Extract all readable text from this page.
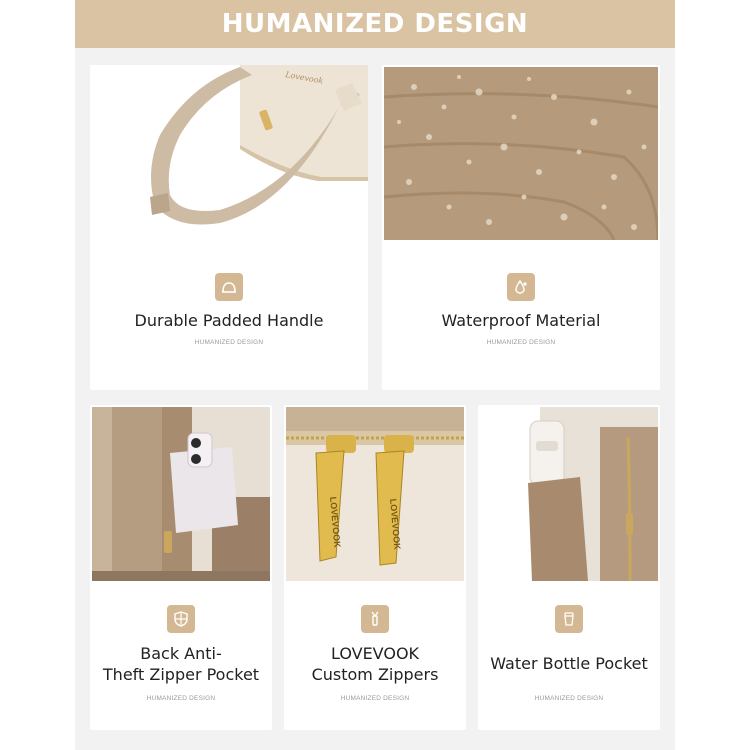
HUMANIZED DESIGN
Lovevook
Durable Padded Handle
HUMANIZED DESIGN
Waterproof Material
HUMANIZED DESIGN
Back Anti-
Theft Zipper Pocket
HUMANIZED DESIGN
LOVEVOOK	LOVEVOOK
LOVEVOOK
Custom Zippers
HUMANIZED DESIGN
Water Bottle Pocket
HUMANIZED DESIGN
